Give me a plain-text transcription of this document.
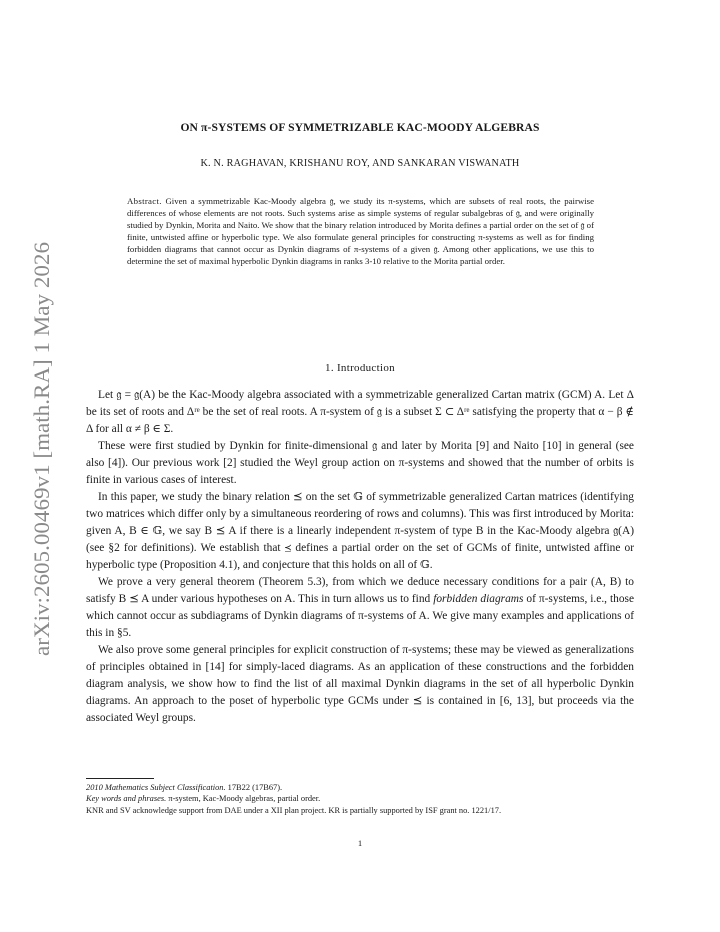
arXiv:2605.00469v1 [math.RA] 1 May 2026
ON π-SYSTEMS OF SYMMETRIZABLE KAC-MOODY ALGEBRAS
K. N. RAGHAVAN, KRISHANU ROY, AND SANKARAN VISWANATH
Abstract. Given a symmetrizable Kac-Moody algebra 𝔤, we study its π-systems, which are subsets of real roots, the pairwise differences of whose elements are not roots. Such systems arise as simple systems of regular subalgebras of 𝔤, and were originally studied by Dynkin, Morita and Naito. We show that the binary relation introduced by Morita defines a partial order on the set of 𝔤 of finite, untwisted affine or hyperbolic type. We also formulate general principles for constructing π-systems as well as for finding forbidden diagrams that cannot occur as Dynkin diagrams of π-systems of a given 𝔤. Among other applications, we use this to determine the set of maximal hyperbolic Dynkin diagrams in ranks 3-10 relative to the Morita partial order.
1. Introduction

Let 𝔤 = 𝔤(A) be the Kac-Moody algebra associated with a symmetrizable generalized Cartan matrix (GCM) A. Let Δ be its set of roots and Δʳᵉ be the set of real roots. A π-system of 𝔤 is a subset Σ ⊂ Δʳᵉ satisfying the property that α − β ∉ Δ for all α ≠ β ∈ Σ.

These were first studied by Dynkin for finite-dimensional 𝔤 and later by Morita [9] and Naito [10] in general (see also [4]). Our previous work [2] studied the Weyl group action on π-systems and showed that the number of orbits is finite in various cases of interest.

In this paper, we study the binary relation ⪯ on the set 𝔾 of symmetrizable generalized Cartan matrices (identifying two matrices which differ only by a simultaneous reordering of rows and columns). This was first introduced by Morita: given A, B ∈ 𝔾, we say B ⪯ A if there is a linearly independent π-system of type B in the Kac-Moody algebra 𝔤(A) (see §2 for definitions). We establish that ⪯ defines a partial order on the set of GCMs of finite, untwisted affine or hyperbolic type (Proposition 4.1), and conjecture that this holds on all of 𝔾.

We prove a very general theorem (Theorem 5.3), from which we deduce necessary conditions for a pair (A, B) to satisfy B ⪯ A under various hypotheses on A. This in turn allows us to find forbidden diagrams of π-systems, i.e., those which cannot occur as subdiagrams of Dynkin diagrams of π-systems of A. We give many examples and applications of this in §5.

We also prove some general principles for explicit construction of π-systems; these may be viewed as generalizations of principles obtained in [14] for simply-laced diagrams. As an application of these constructions and the forbidden diagram analysis, we show how to find the list of all maximal Dynkin diagrams in the set of all hyperbolic Dynkin diagrams. An approach to the poset of hyperbolic type GCMs under ⪯ is contained in [6, 13], but proceeds via the associated Weyl groups.

2010 Mathematics Subject Classification. 17B22 (17B67).
Key words and phrases. π-system, Kac-Moody algebras, partial order.
KNR and SV acknowledge support from DAE under a XII plan project. KR is partially supported by ISF grant no. 1221/17.
1
